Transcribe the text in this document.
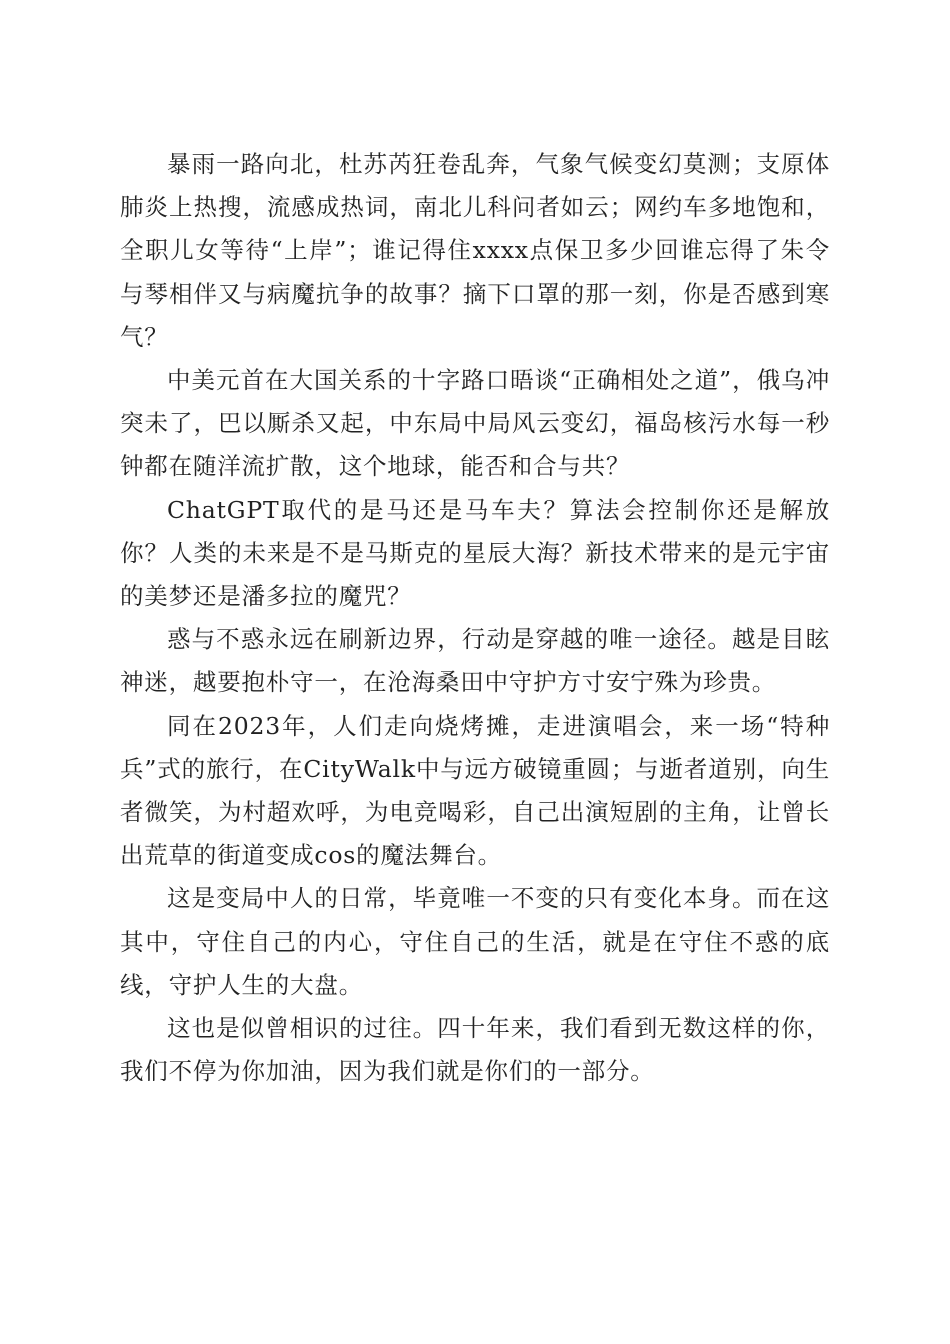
暴雨一路向北，杜苏芮狂卷乱奔，气象气候变幻莫测；支原体肺炎上热搜，流感成热词，南北儿科问者如云；网约车多地饱和，全职儿女等待“上岸”；谁记得住xxxx点保卫多少回谁忘得了朱令与琴相伴又与病魔抗争的故事？摘下口罩的那一刻，你是否感到寒气？

中美元首在大国关系的十字路口晤谈“正确相处之道”，俄乌冲突未了，巴以厮杀又起，中东局中局风云变幻，福岛核污水每一秒钟都在随洋流扩散，这个地球，能否和合与共？

ChatGPT取代的是马还是马车夫？算法会控制你还是解放你？人类的未来是不是马斯克的星辰大海？新技术带来的是元宇宙的美梦还是潘多拉的魔咒？

惑与不惑永远在刷新边界，行动是穿越的唯一途径。越是目眩神迷，越要抱朴守一，在沧海桑田中守护方寸安宁殊为珍贵。

同在2023年，人们走向烧烤摊，走进演唱会，来一场“特种兵”式的旅行，在CityWalk中与远方破镜重圆；与逝者道别，向生者微笑，为村超欢呼，为电竞喝彩，自己出演短剧的主角，让曾长出荒草的街道变成cos的魔法舞台。

这是变局中人的日常，毕竟唯一不变的只有变化本身。而在这其中，守住自己的内心，守住自己的生活，就是在守住不惑的底线，守护人生的大盘。

这也是似曾相识的过往。四十年来，我们看到无数这样的你，我们不停为你加油，因为我们就是你们的一部分。
